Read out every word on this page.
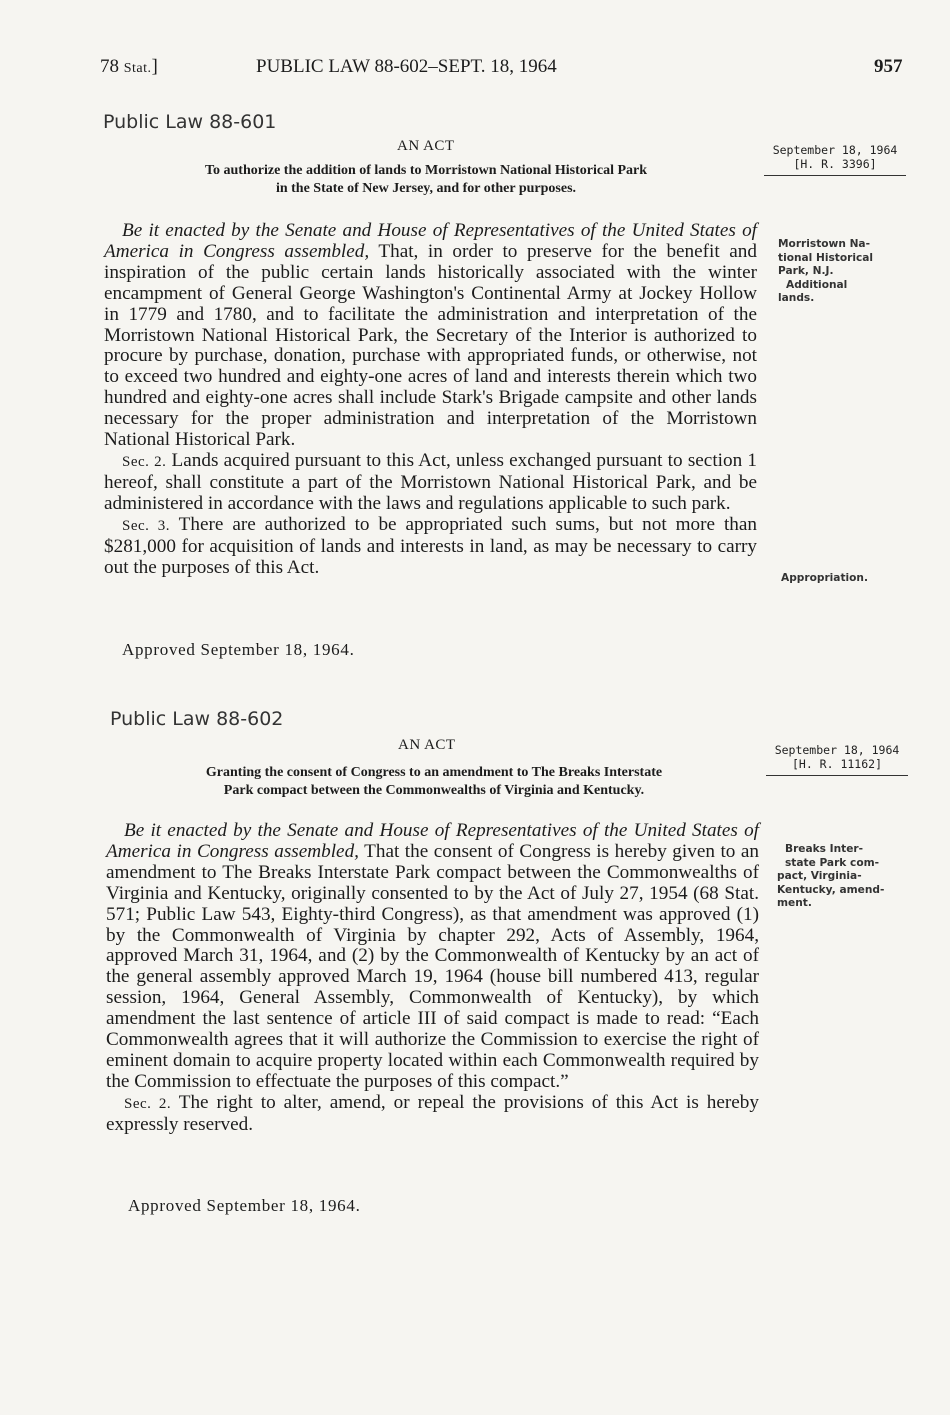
78 Stat.]	PUBLIC LAW 88-602–SEPT. 18, 1964	957
Public Law 88-601
AN ACT
To authorize the addition of lands to Morristown National Historical Park
in the State of New Jersey, and for other purposes.
September 18, 1964
[H. R. 3396]

Be it enacted by the Senate and House of Representatives of the United States of America in Congress assembled, That, in order to preserve for the benefit and inspiration of the public certain lands historically associated with the winter encampment of General George Washington's Continental Army at Jockey Hollow in 1779 and 1780, and to facilitate the administration and interpretation of the Morristown National Historical Park, the Secretary of the Interior is authorized to procure by purchase, donation, purchase with appropriated funds, or otherwise, not to exceed two hundred and eighty-one acres of land and interests therein which two hundred and eighty-one acres shall include Stark's Brigade campsite and other lands necessary for the proper administration and interpretation of the Morristown National Historical Park.

Sec. 2. Lands acquired pursuant to this Act, unless exchanged pursuant to section 1 hereof, shall constitute a part of the Morristown National Historical Park, and be administered in accordance with the laws and regulations applicable to such park.

Sec. 3. There are authorized to be appropriated such sums, but not more than $281,000 for acquisition of lands and interests in land, as may be necessary to carry out the purposes of this Act.

Approved September 18, 1964.
Morristown Na-
tional Historical
Park, N.J.
Additional
lands.
Appropriation.
Public Law 88-602
AN ACT
Granting the consent of Congress to an amendment to The Breaks Interstate
Park compact between the Commonwealths of Virginia and Kentucky.
September 18, 1964
[H. R. 11162]

Be it enacted by the Senate and House of Representatives of the United States of America in Congress assembled, That the consent of Congress is hereby given to an amendment to The Breaks Interstate Park compact between the Commonwealths of Virginia and Kentucky, originally consented to by the Act of July 27, 1954 (68 Stat. 571; Public Law 543, Eighty-third Congress), as that amendment was approved (1) by the Commonwealth of Virginia by chapter 292, Acts of Assembly, 1964, approved March 31, 1964, and (2) by the Commonwealth of Kentucky by an act of the general assembly approved March 19, 1964 (house bill numbered 413, regular session, 1964, General Assembly, Commonwealth of Kentucky), by which amendment the last sentence of article III of said compact is made to read: “Each Commonwealth agrees that it will authorize the Commission to exercise the right of eminent domain to acquire property located within each Commonwealth required by the Commission to effectuate the purposes of this compact.”

Sec. 2. The right to alter, amend, or repeal the provisions of this Act is hereby expressly reserved.

Approved September 18, 1964.
Breaks Inter-
state Park com-
pact, Virginia-
Kentucky, amend-
ment.
